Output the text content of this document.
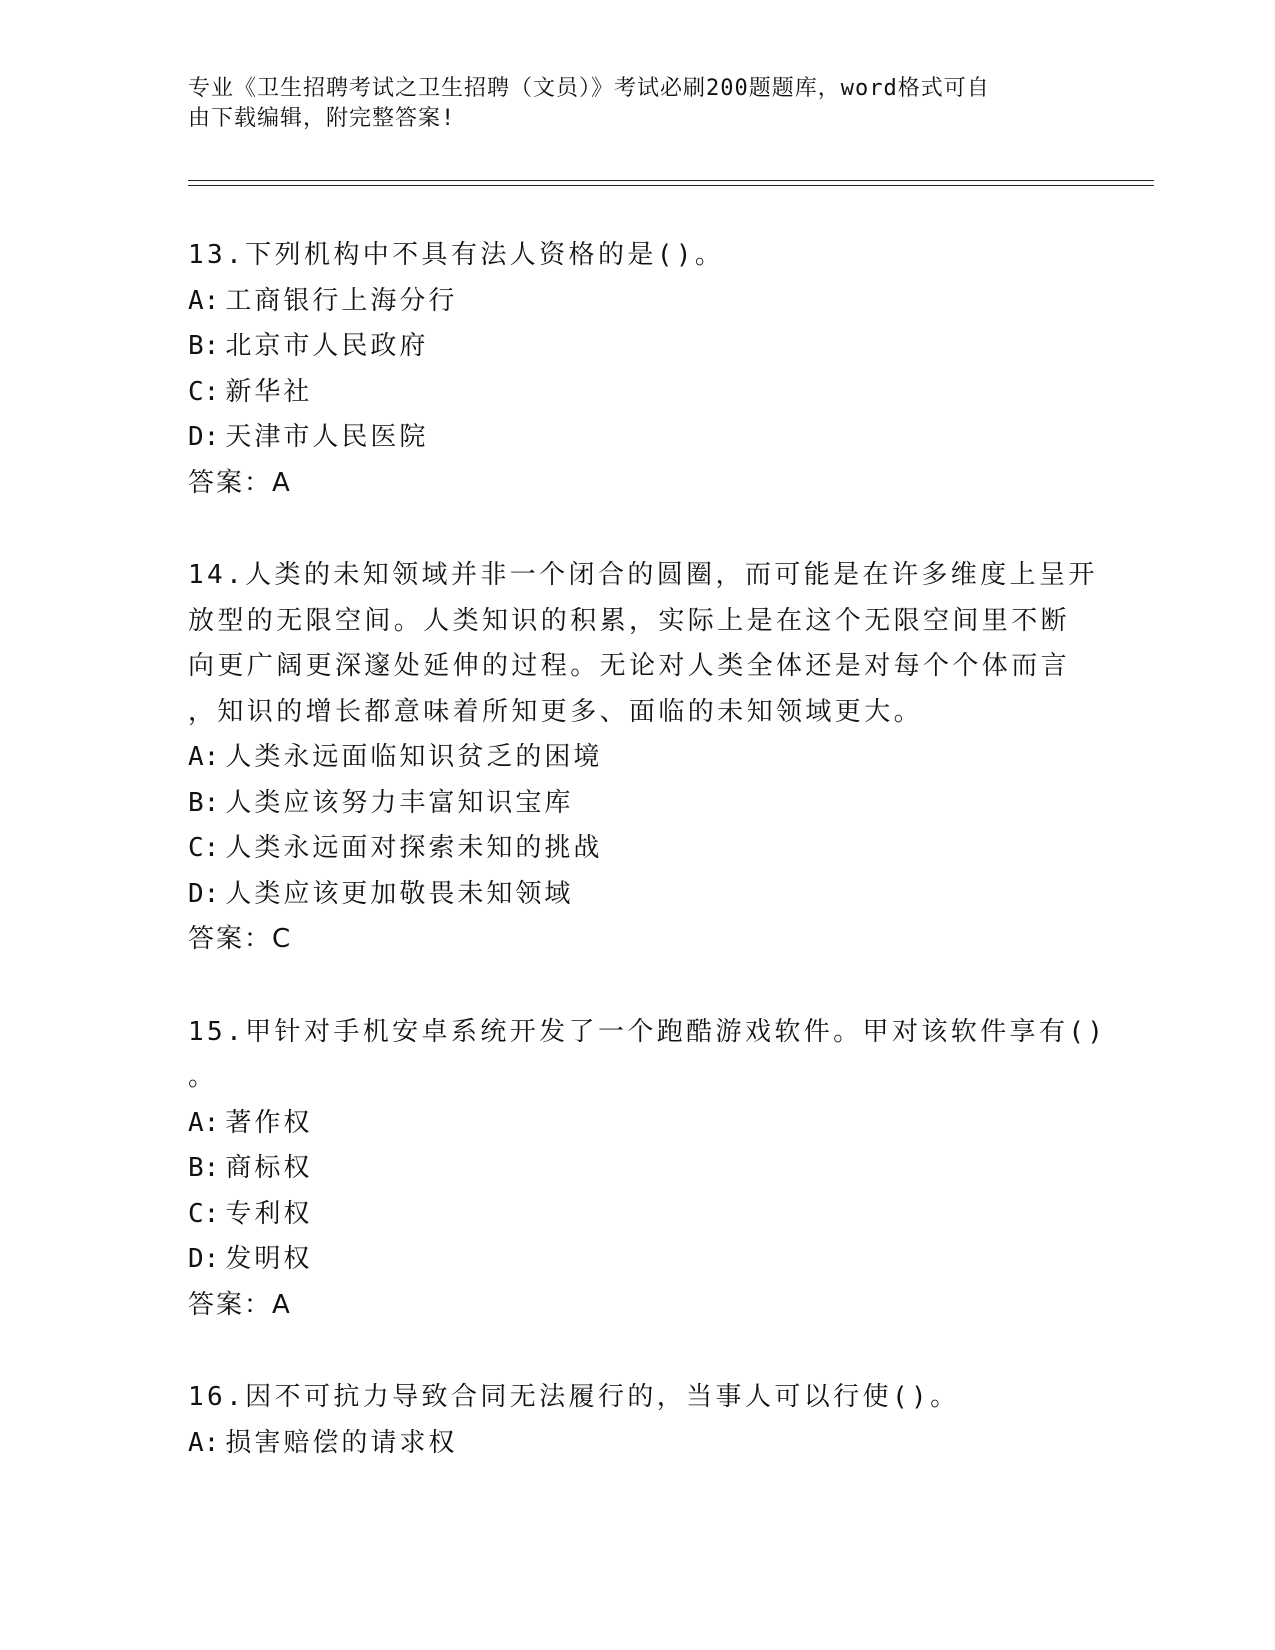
专业《卫生招聘考试之卫生招聘（文员）》考试必刷200题题库，word格式可自
由下载编辑，附完整答案!
13.下列机构中不具有法人资格的是()。
A: 工商银行上海分行
B: 北京市人民政府
C: 新华社
D: 天津市人民医院
答案：A
14.人类的未知领域并非一个闭合的圆圈，而可能是在许多维度上呈开
放型的无限空间。人类知识的积累，实际上是在这个无限空间里不断
向更广阔更深邃处延伸的过程。无论对人类全体还是对每个个体而言
，知识的增长都意味着所知更多、面临的未知领域更大。
A: 人类永远面临知识贫乏的困境
B: 人类应该努力丰富知识宝库
C: 人类永远面对探索未知的挑战
D: 人类应该更加敬畏未知领域
答案：C
15.甲针对手机安卓系统开发了一个跑酷游戏软件。甲对该软件享有()
。
A: 著作权
B: 商标权
C: 专利权
D: 发明权
答案：A
16.因不可抗力导致合同无法履行的，当事人可以行使()。
A: 损害赔偿的请求权
